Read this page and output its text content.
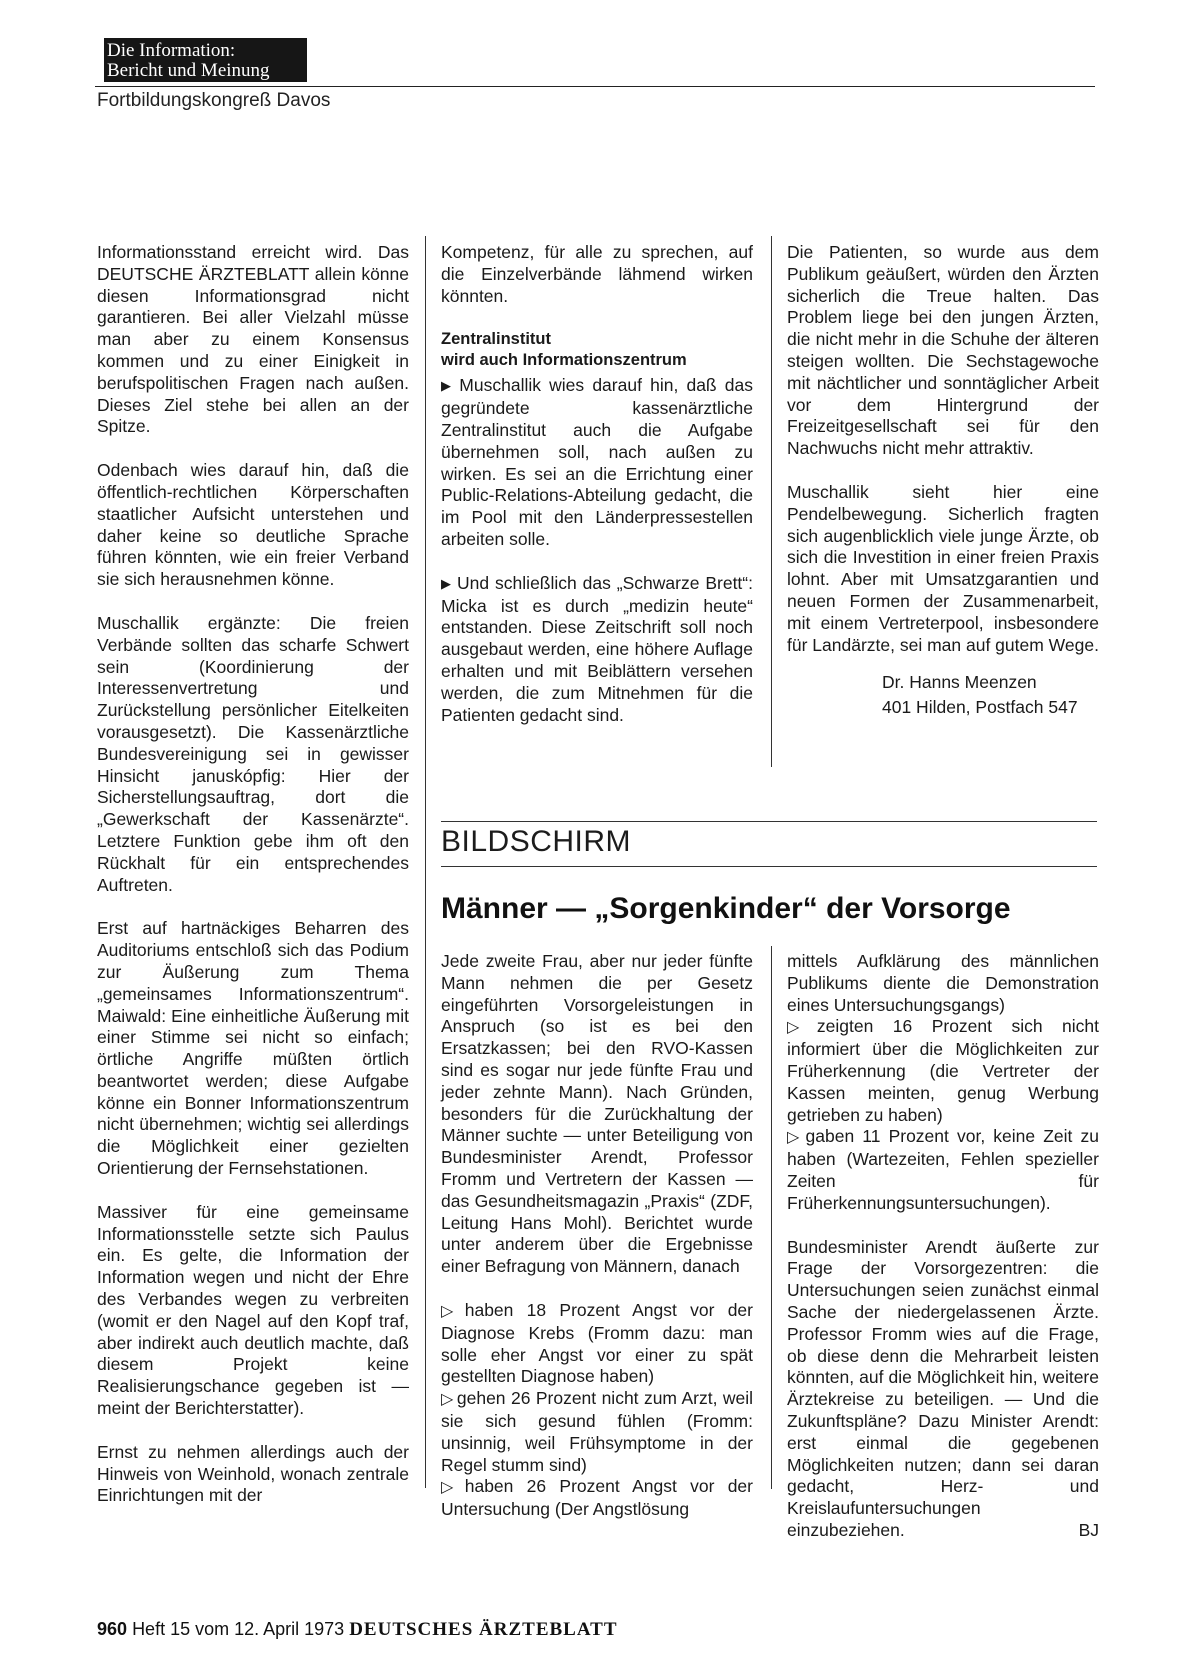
Die Information:
Bericht und Meinung
Fortbildungskongreß Davos

Informationsstand erreicht wird. Das DEUTSCHE ÄRZTEBLATT allein könne diesen Informationsgrad nicht garantieren. Bei aller Vielzahl müsse man aber zu einem Konsensus kommen und zu einer Einigkeit in berufspolitischen Fragen nach außen. Dieses Ziel stehe bei allen an der Spitze.

Odenbach wies darauf hin, daß die öffentlich-rechtlichen Körperschaften staatlicher Aufsicht unterstehen und daher keine so deutliche Sprache führen könnten, wie ein freier Verband sie sich herausnehmen könne.

Muschallik ergänzte: Die freien Verbände sollten das scharfe Schwert sein (Koordinierung der Interessenvertretung und Zurückstellung persönlicher Eitelkeiten vorausgesetzt). Die Kassenärztliche Bundesvereinigung sei in gewisser Hinsicht januskópfig: Hier der Sicherstellungsauftrag, dort die „Gewerkschaft der Kassenärzte“. Letztere Funktion gebe ihm oft den Rückhalt für ein entsprechendes Auftreten.

Erst auf hartnäckiges Beharren des Auditoriums entschloß sich das Podium zur Äußerung zum Thema „gemeinsames Informationszentrum“. Maiwald: Eine einheitliche Äußerung mit einer Stimme sei nicht so einfach; örtliche Angriffe müßten örtlich beantwortet werden; diese Aufgabe könne ein Bonner Informationszentrum nicht übernehmen; wichtig sei allerdings die Möglichkeit einer gezielten Orientierung der Fernsehstationen.

Massiver für eine gemeinsame Informationsstelle setzte sich Paulus ein. Es gelte, die Information der Information wegen und nicht der Ehre des Verbandes wegen zu verbreiten (womit er den Nagel auf den Kopf traf, aber indirekt auch deutlich machte, daß diesem Projekt keine Realisierungschance gegeben ist — meint der Berichterstatter).

Ernst zu nehmen allerdings auch der Hinweis von Weinhold, wonach zentrale Einrichtungen mit der

Kompetenz, für alle zu sprechen, auf die Einzelverbände lähmend wirken könnten.

Zentralinstitut
wird auch Informationszentrum

▶ Muschallik wies darauf hin, daß das gegründete kassenärztliche Zentralinstitut auch die Aufgabe übernehmen soll, nach außen zu wirken. Es sei an die Errichtung einer Public-Relations-Abteilung gedacht, die im Pool mit den Länderpressestellen arbeiten solle.

▶ Und schließlich das „Schwarze Brett“: Micka ist es durch „medizin heute“ entstanden. Diese Zeitschrift soll noch ausgebaut werden, eine höhere Auflage erhalten und mit Beiblättern versehen werden, die zum Mitnehmen für die Patienten gedacht sind.

Die Patienten, so wurde aus dem Publikum geäußert, würden den Ärzten sicherlich die Treue halten. Das Problem liege bei den jungen Ärzten, die nicht mehr in die Schuhe der älteren steigen wollten. Die Sechstagewoche mit nächtlicher und sonntäglicher Arbeit vor dem Hintergrund der Freizeitgesellschaft sei für den Nachwuchs nicht mehr attraktiv.

Muschallik sieht hier eine Pendelbewegung. Sicherlich fragten sich augenblicklich viele junge Ärzte, ob sich die Investition in einer freien Praxis lohnt. Aber mit Umsatzgarantien und neuen Formen der Zusammenarbeit, mit einem Vertreterpool, insbesondere für Landärzte, sei man auf gutem Wege.

Dr. Hanns Meenzen
401 Hilden, Postfach 547
BILDSCHIRM
Männer — „Sorgenkinder“ der Vorsorge

Jede zweite Frau, aber nur jeder fünfte Mann nehmen die per Gesetz eingeführten Vorsorgeleistungen in Anspruch (so ist es bei den Ersatzkassen; bei den RVO-Kassen sind es sogar nur jede fünfte Frau und jeder zehnte Mann). Nach Gründen, besonders für die Zurückhaltung der Männer suchte — unter Beteiligung von Bundesminister Arendt, Professor Fromm und Vertretern der Kassen — das Gesundheitsmagazin „Praxis“ (ZDF, Leitung Hans Mohl). Berichtet wurde unter anderem über die Ergebnisse einer Befragung von Männern, danach

▷ haben 18 Prozent Angst vor der Diagnose Krebs (Fromm dazu: man solle eher Angst vor einer zu spät gestellten Diagnose haben)

▷ gehen 26 Prozent nicht zum Arzt, weil sie sich gesund fühlen (Fromm: unsinnig, weil Frühsymptome in der Regel stumm sind)

▷ haben 26 Prozent Angst vor der Untersuchung (Der Angstlösung

mittels Aufklärung des männlichen Publikums diente die Demonstration eines Untersuchungsgangs)

▷ zeigten 16 Prozent sich nicht informiert über die Möglichkeiten zur Früherkennung (die Vertreter der Kassen meinten, genug Werbung getrieben zu haben)

▷ gaben 11 Prozent vor, keine Zeit zu haben (Wartezeiten, Fehlen spezieller Zeiten für Früherkennungsuntersuchungen).

Bundesminister Arendt äußerte zur Frage der Vorsorgezentren: die Untersuchungen seien zunächst einmal Sache der niedergelassenen Ärzte. Professor Fromm wies auf die Frage, ob diese denn die Mehrarbeit leisten könnten, auf die Möglichkeit hin, weitere Ärztekreise zu beteiligen. — Und die Zukunftspläne? Dazu Minister Arendt: erst einmal die gegebenen Möglichkeiten nutzen; dann sei daran gedacht, Herz- und Kreislaufuntersuchungen einzubeziehen.	BJ

960 Heft 15 vom 12. April 1973 DEUTSCHES ÄRZTEBLATT
